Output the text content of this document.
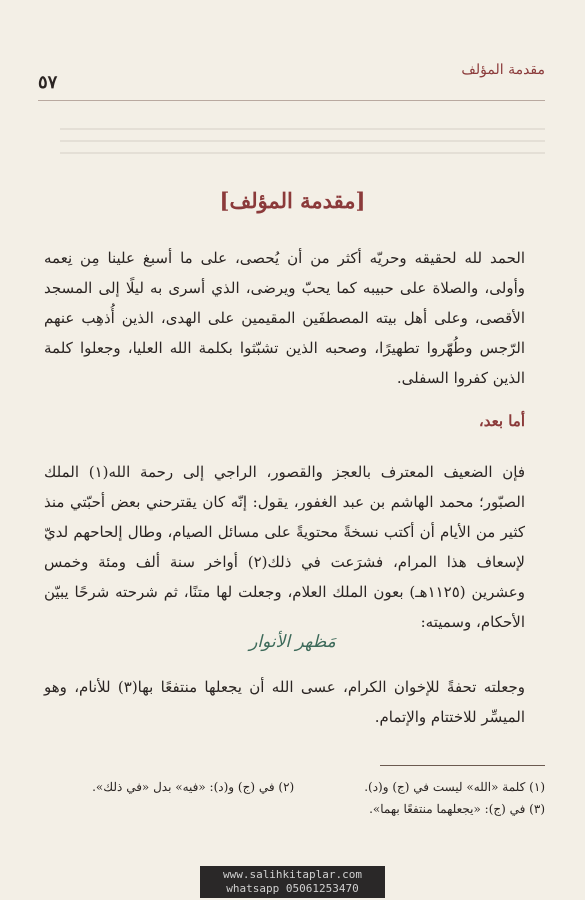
مقدمة المؤلف
٥٧
[مقدمة المؤلف]
الحمد لله لحقيقه وحريّه أكثر من أن يُحصى، على ما أسبغ علينا مِن نِعمه وأولى، والصلاة على حبيبه كما يحبّ ويرضى، الذي أسرى به ليلًا إلى المسجد الأقصى، وعلى أهل بيته المصطفَين المقيمين على الهدى، الذين أُذهِب عنهم الرّجس وطُهّروا تطهيرًا، وصحبه الذين تشبّثوا بكلمة الله العليا، وجعلوا كلمة الذين كفروا السفلى.
أما بعد،
فإن الضعيف المعترف بالعجز والقصور، الراجي إلى رحمة الله(١) الملك الصبّور؛ محمد الهاشم بن عبد الغفور، يقول: إنّه كان يقترحني بعض أحبّتي منذ كثير من الأيام أن أكتب نسخةً محتويةً على مسائل الصيام، وطال إلحاحهم لديّ لإسعاف هذا المرام، فشرَعت في ذلك(٢) أواخر سنة ألف ومئة وخمس وعشرين (١١٢٥هـ) بعون الملك العلام، وجعلت لها متنًا، ثم شرحته شرحًا يبيّن الأحكام، وسميته:
مَظهر الأنوار
وجعلته تحفةً للإخوان الكرام، عسى الله أن يجعلها منتفعًا بها(٣) للأنام، وهو الميسِّر للاختتام والإتمام.
(١) كلمة «الله» ليست في (ج) و(د).
(٢) في (ج) و(د): «فيه» بدل «في ذلك».
(٣) في (ج): «يجعلهما منتفعًا بهما».
www.salihkitaplar.com
whatsapp 05061253470
